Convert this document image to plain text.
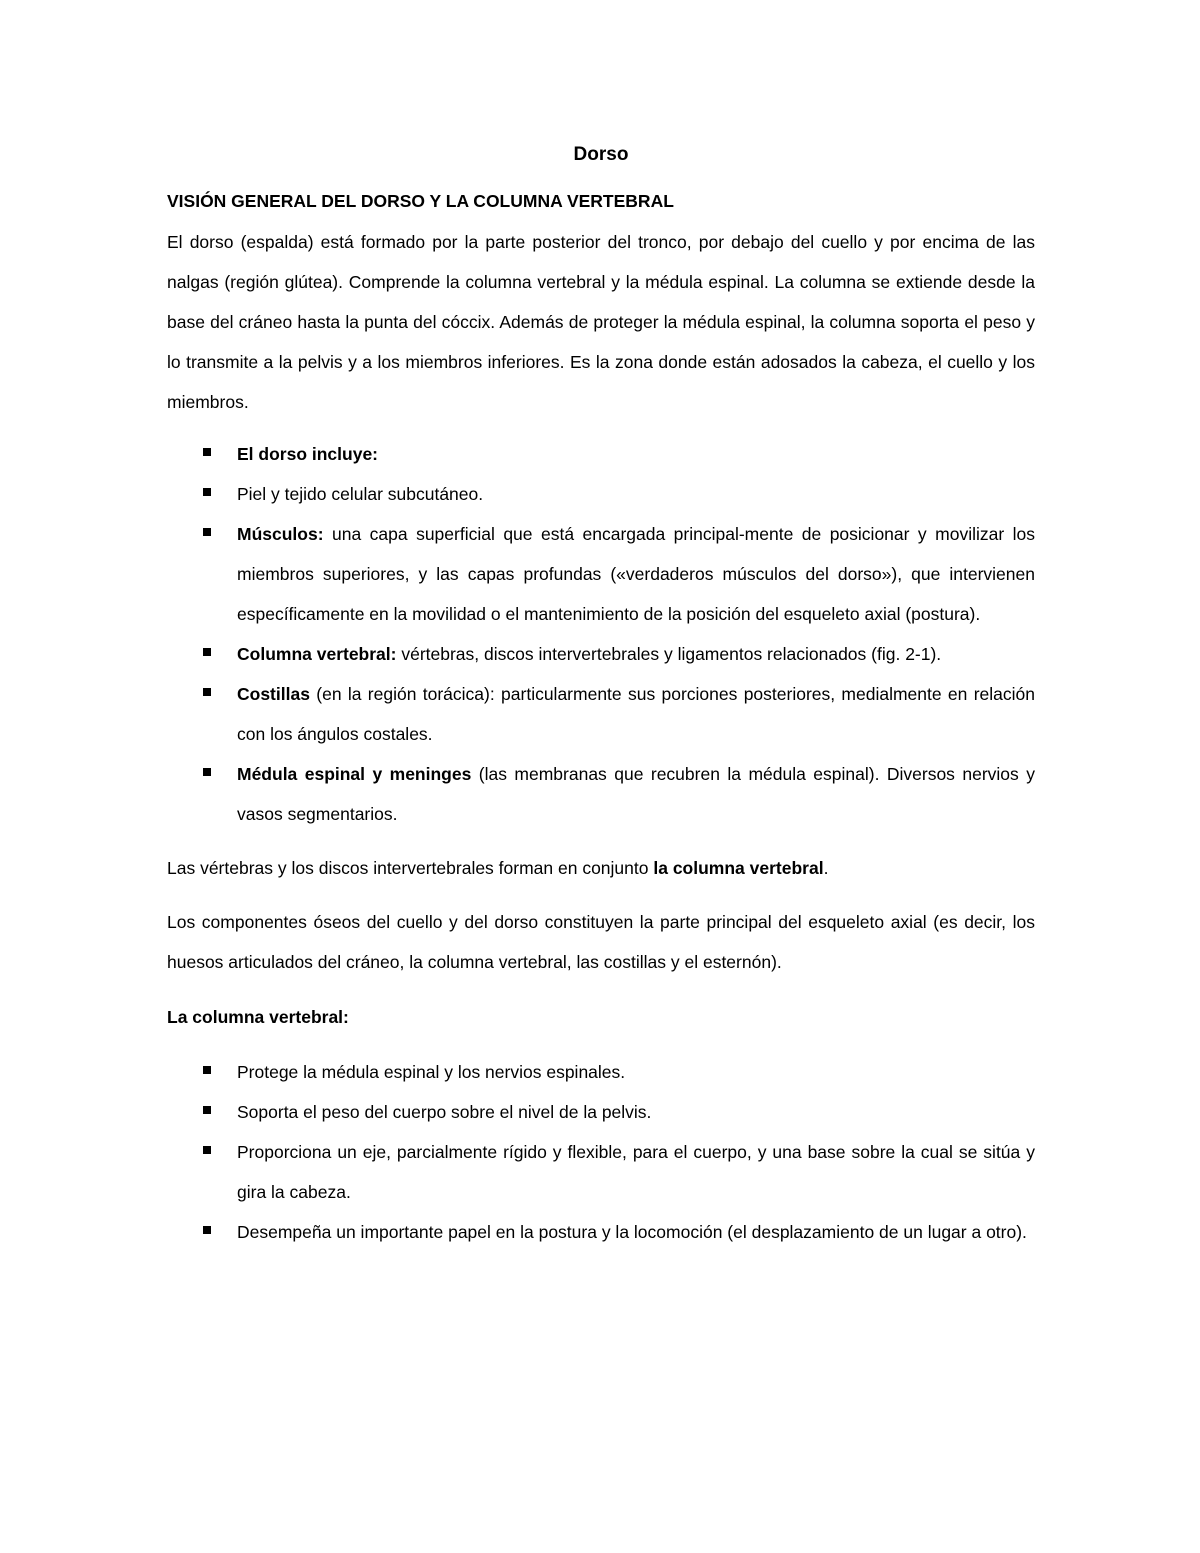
Dorso
VISIÓN GENERAL DEL DORSO Y LA COLUMNA VERTEBRAL

El dorso (espalda) está formado por la parte posterior del tronco, por debajo del cuello y por encima de las nalgas (región glútea). Comprende la columna vertebral y la médula espinal. La columna se extiende desde la base del cráneo hasta la punta del cóccix. Además de proteger la médula espinal, la columna soporta el peso y lo transmite a la pelvis y a los miembros inferiores. Es la zona donde están adosados la cabeza, el cuello y los miembros.

El dorso incluye:
Piel y tejido celular subcutáneo.
Músculos: una capa superficial que está encargada principal-mente de posicionar y movilizar los miembros superiores, y las capas profundas («verdaderos músculos del dorso»), que intervienen específicamente en la movilidad o el mantenimiento de la posición del esqueleto axial (postura).
Columna vertebral: vértebras, discos intervertebrales y ligamentos relacionados (fig. 2-1).
Costillas (en la región torácica): particularmente sus porciones posteriores, medialmente en relación con los ángulos costales.
Médula espinal y meninges (las membranas que recubren la médula espinal). Diversos nervios y vasos segmentarios.

Las vértebras y los discos intervertebrales forman en conjunto la columna vertebral.

Los componentes óseos del cuello y del dorso constituyen la parte principal del esqueleto axial (es decir, los huesos articulados del cráneo, la columna vertebral, las costillas y el esternón).

La columna vertebral:
Protege la médula espinal y los nervios espinales.
Soporta el peso del cuerpo sobre el nivel de la pelvis.
Proporciona un eje, parcialmente rígido y flexible, para el cuerpo, y una base sobre la cual se sitúa y gira la cabeza.
Desempeña un importante papel en la postura y la locomoción (el desplazamiento de un lugar a otro).
